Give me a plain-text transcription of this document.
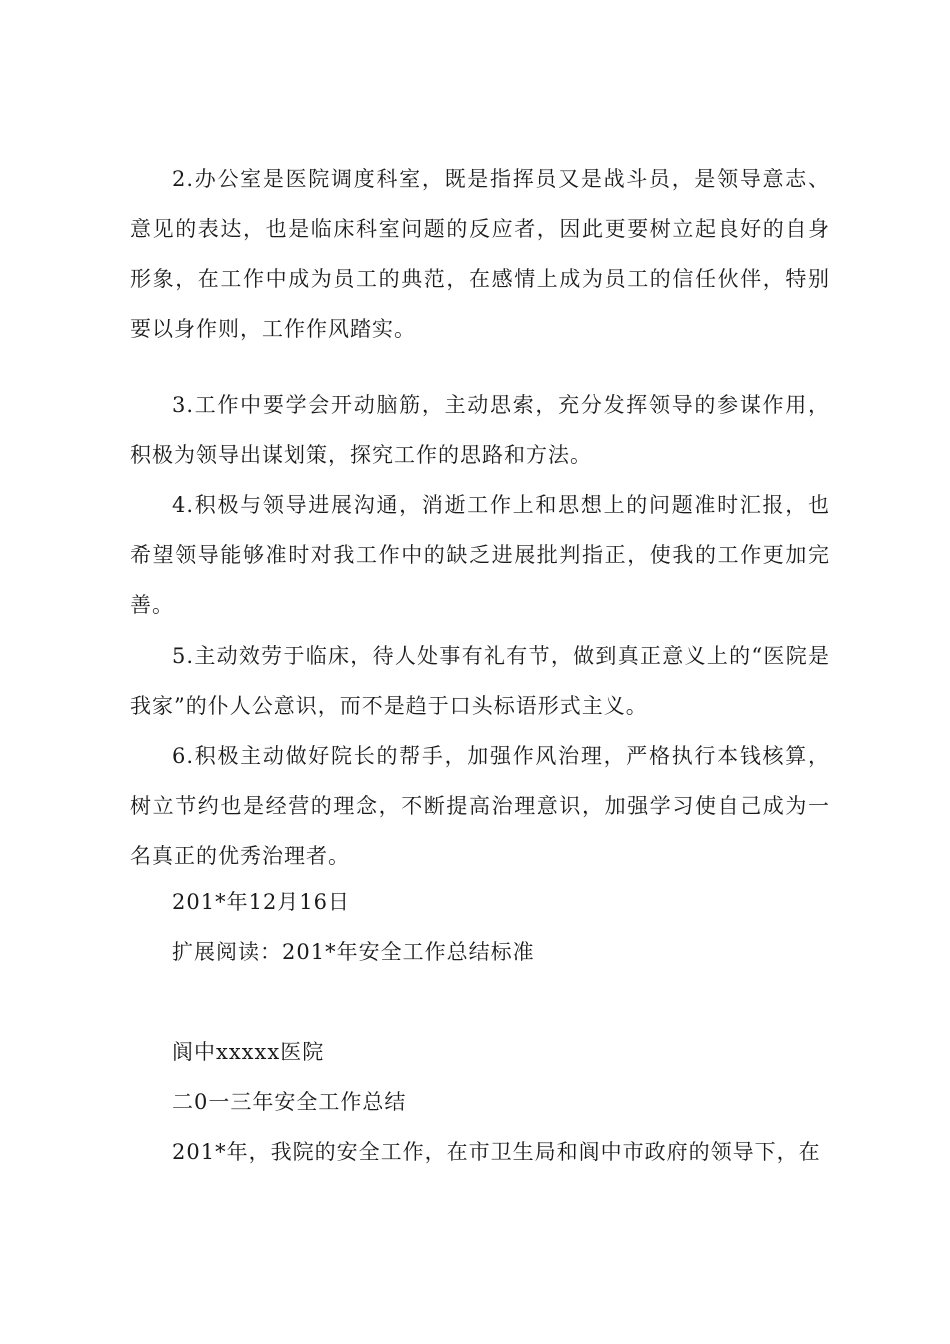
2.办公室是医院调度科室，既是指挥员又是战斗员，是领导意志、意见的表达，也是临床科室问题的反应者，因此更要树立起良好的自身形象，在工作中成为员工的典范，在感情上成为员工的信任伙伴，特别要以身作则，工作作风踏实。

3.工作中要学会开动脑筋，主动思索，充分发挥领导的参谋作用，积极为领导出谋划策，探究工作的思路和方法。

4.积极与领导进展沟通，消逝工作上和思想上的问题准时汇报，也希望领导能够准时对我工作中的缺乏进展批判指正，使我的工作更加完善。

5.主动效劳于临床，待人处事有礼有节，做到真正意义上的“医院是我家”的仆人公意识，而不是趋于口头标语形式主义。

6.积极主动做好院长的帮手，加强作风治理，严格执行本钱核算，树立节约也是经营的理念，不断提高治理意识，加强学习使自己成为一名真正的优秀治理者。

201*年12月16日

扩展阅读：201*年安全工作总结标准

阆中xxxxx医院

二0一三年安全工作总结

201*年，我院的安全工作，在市卫生局和阆中市政府的领导下，在
